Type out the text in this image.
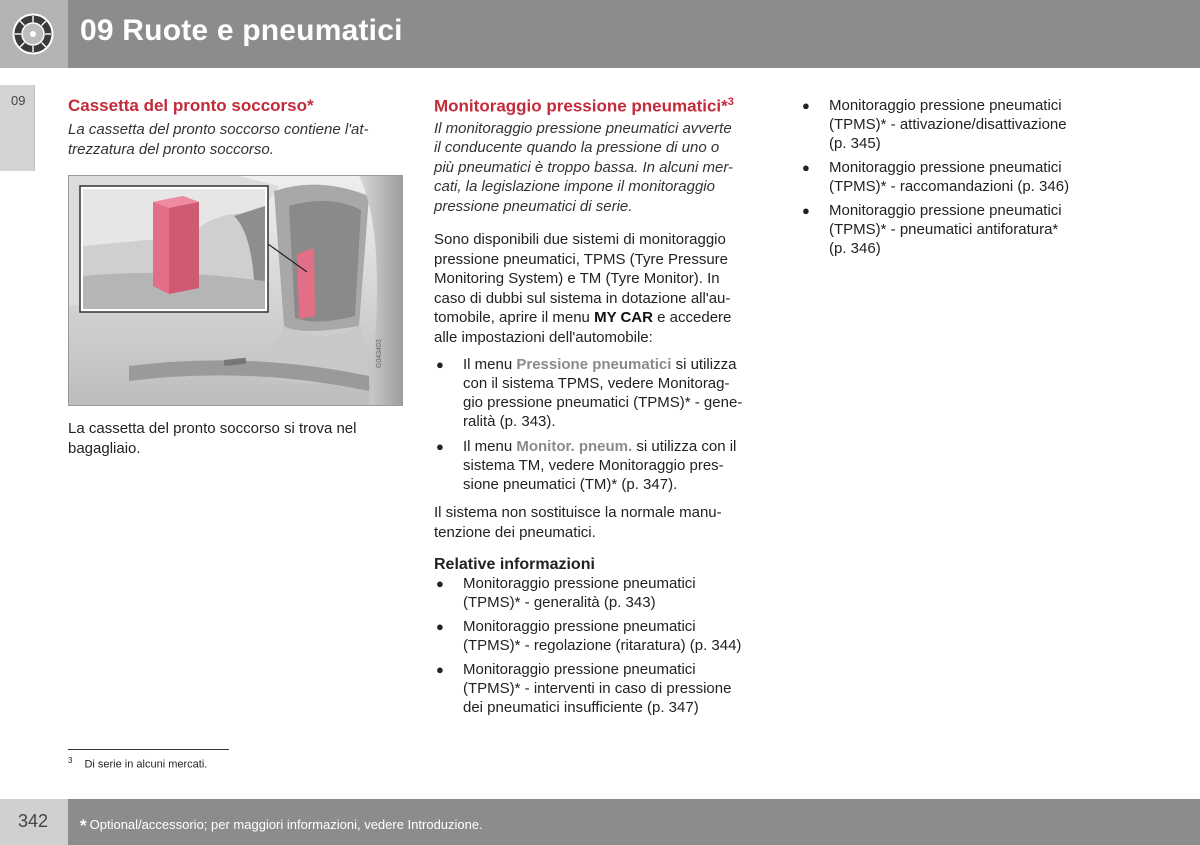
09 Ruote e pneumatici
09	Cassetta del pronto soccorso*

La cassetta del pronto soccorso contiene l'at-

trezzatura del pronto soccorso.

G043403

La cassetta del pronto soccorso si trova nel

bagagliaio.

Monitoraggio pressione pneumatici*$^3$

Il monitoraggio pressione pneumatici avverte

il conducente quando la pressione di uno o

più pneumatici è troppo bassa. In alcuni mer-

cati, la legislazione impone il monitoraggio

pressione pneumatici di serie.

Sono disponibili due sistemi di monitoraggio

pressione pneumatici, TPMS (Tyre Pressure

Monitoring System) e TM (Tyre Monitor). In

caso di dubbi sul sistema in dotazione all'au-

tomobile, aprire il menu MY CAR e accedere

alle impostazioni dell'automobile:

● Il menu Pressione pneumatici si utilizza
con il sistema TPMS, vedere Monitorag-
gio pressione pneumatici (TPMS)* - gene-
ralità (p. 343).
● Il menu Monitor. pneum. si utilizza con il
sistema TM, vedere Monitoraggio pres-
sione pneumatici (TM)* (p. 347).

Il sistema non sostituisce la normale manu-

tenzione dei pneumatici.

Relative informazioni

● Monitoraggio pressione pneumatici
(TPMS)* - generalità (p. 343)
● Monitoraggio pressione pneumatici
(TPMS)* - regolazione (ritaratura) (p. 344)
● Monitoraggio pressione pneumatici
(TPMS)* - interventi in caso di pressione
dei pneumatici insufficiente (p. 347)
● Monitoraggio pressione pneumatici
(TPMS)* - attivazione/disattivazione
(p. 345)
● Monitoraggio pressione pneumatici
(TPMS)* - raccomandazioni (p. 346)
● Monitoraggio pressione pneumatici
(TPMS)* - pneumatici antiforatura*
(p. 346)
$^3$ Di serie in alcuni mercati.
342 * Optional/accessorio; per maggiori informazioni, vedere Introduzione.
